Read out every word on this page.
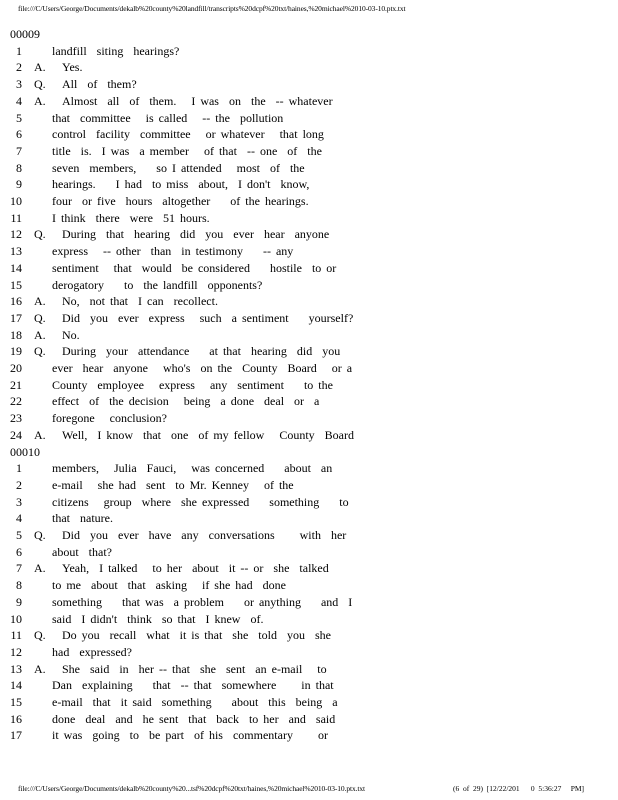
file:///C/Users/George/Documents/dekalb%20county%20landfill/transcripts%20dcpf%20txt/haines,%20michael%2010-03-10.ptx.txt
00009
1	landfill  siting  hearings?
2 A. Yes.
3 Q. All  of  them?
4 A. Almost  all  of  them.   I was  on  the  -- whatever
5	that  committee   is called   -- the  pollution
6	control  facility  committee   or whatever   that long
7	title  is.  I was  a member   of that  -- one  of  the
8	seven  members,    so I attended   most  of  the
9	hearings.    I had  to miss  about,  I don't  know,
10	four  or five  hours  altogether    of the hearings.
11	I think  there  were  51 hours.
12 Q. During  that  hearing  did  you  ever  hear  anyone
13	express   -- other  than  in testimony    -- any
14	sentiment   that  would  be considered    hostile  to or
15	derogatory    to  the landfill  opponents?
16 A. No,  not that  I can  recollect.
17 Q. Did  you  ever  express   such  a sentiment    yourself?
18 A. No.
19 Q. During  your  attendance    at that  hearing  did  you
20	ever  hear  anyone   who's  on the  County  Board   or a
21	County  employee   express   any  sentiment    to the
22	effect  of  the decision   being  a done  deal  or  a
23	foregone   conclusion?
24 A. Well,  I know  that  one  of my fellow   County  Board
00010
1	members,   Julia  Fauci,   was concerned    about  an
2	e-mail   she had  sent  to Mr. Kenney   of the
3	citizens   group  where  she expressed    something    to
4	that  nature.
5 Q. Did  you  ever  have  any  conversations     with  her
6	about  that?
7 A. Yeah,  I talked   to her  about  it -- or  she  talked
8	to me  about  that  asking   if she had  done
9	something    that was  a problem    or anything    and  I
10	said  I didn't  think  so that  I knew  of.
11 Q. Do you  recall  what  it is that  she  told  you  she
12	had  expressed?
13 A. She  said  in  her -- that  she  sent  an e-mail   to
14	Dan  explaining    that  -- that  somewhere     in that
15	e-mail  that  it said  something    about  this  being  a
16	done  deal  and  he sent  that  back  to her  and  said
17	it was  going  to  be part  of his  commentary     or
file:///C/Users/George/Documents/dekalb%20county%20...tsf%20dcpf%20txt/haines,%20michael%2010-03-10.ptx.txt	(6  of  29)  [12/22/201      0  5:36:27     PM]
